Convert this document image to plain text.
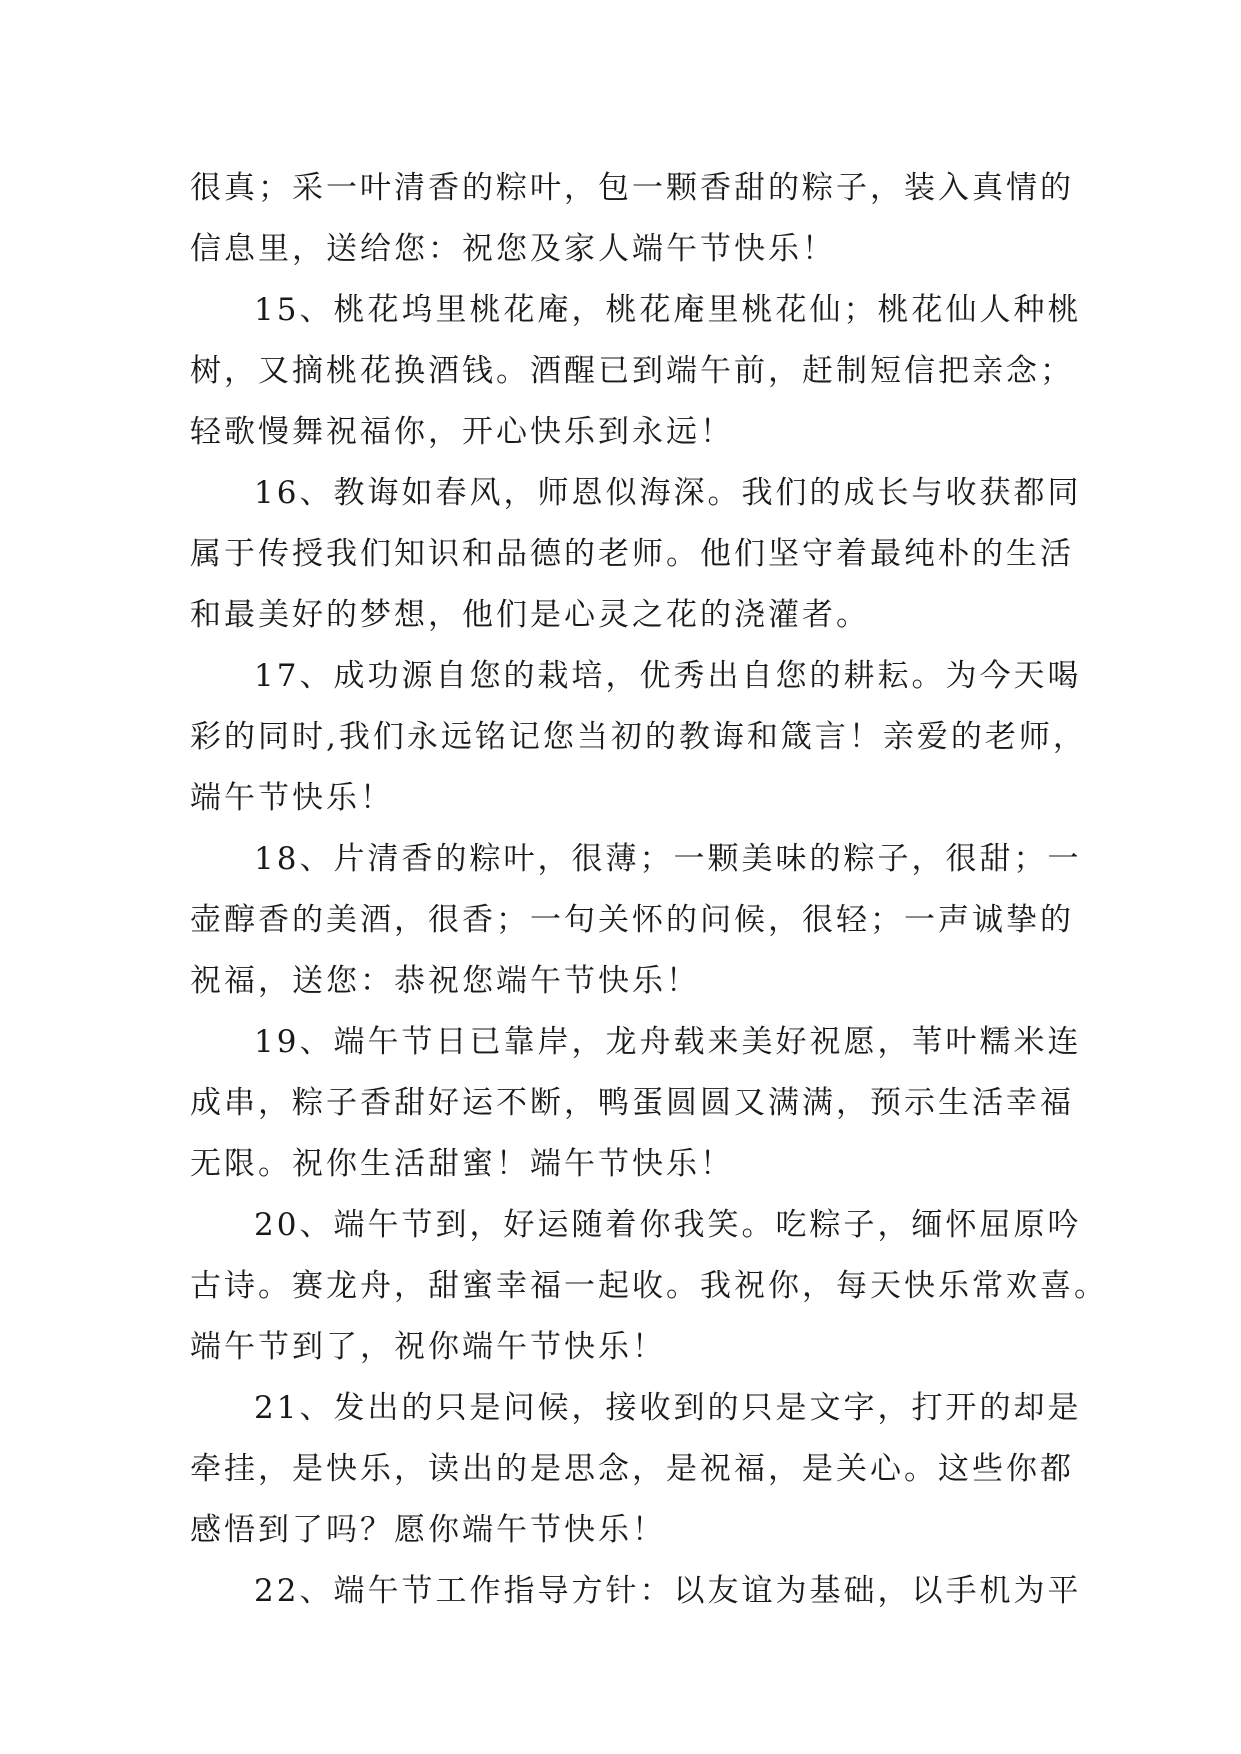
很真；采一叶清香的粽叶，包一颗香甜的粽子，装入真情的
信息里，送给您：祝您及家人端午节快乐！
15、桃花坞里桃花庵，桃花庵里桃花仙；桃花仙人种桃
树，又摘桃花换酒钱。酒醒已到端午前，赶制短信把亲念；
轻歌慢舞祝福你，开心快乐到永远！
16、教诲如春风，师恩似海深。我们的成长与收获都同
属于传授我们知识和品德的老师。他们坚守着最纯朴的生活
和最美好的梦想，他们是心灵之花的浇灌者。
17、成功源自您的栽培，优秀出自您的耕耘。为今天喝
彩的同时,我们永远铭记您当初的教诲和箴言！亲爱的老师，
端午节快乐！
18、片清香的粽叶，很薄；一颗美味的粽子，很甜；一
壶醇香的美酒，很香；一句关怀的问候，很轻；一声诚挚的
祝福，送您：恭祝您端午节快乐！
19、端午节日已靠岸，龙舟载来美好祝愿，苇叶糯米连
成串，粽子香甜好运不断，鸭蛋圆圆又满满，预示生活幸福
无限。祝你生活甜蜜！端午节快乐！
20、端午节到，好运随着你我笑。吃粽子，缅怀屈原吟
古诗。赛龙舟，甜蜜幸福一起收。我祝你，每天快乐常欢喜。
端午节到了，祝你端午节快乐！
21、发出的只是问候，接收到的只是文字，打开的却是
牵挂，是快乐，读出的是思念，是祝福，是关心。这些你都
感悟到了吗？愿你端午节快乐！
22、端午节工作指导方针：以友谊为基础，以手机为平
